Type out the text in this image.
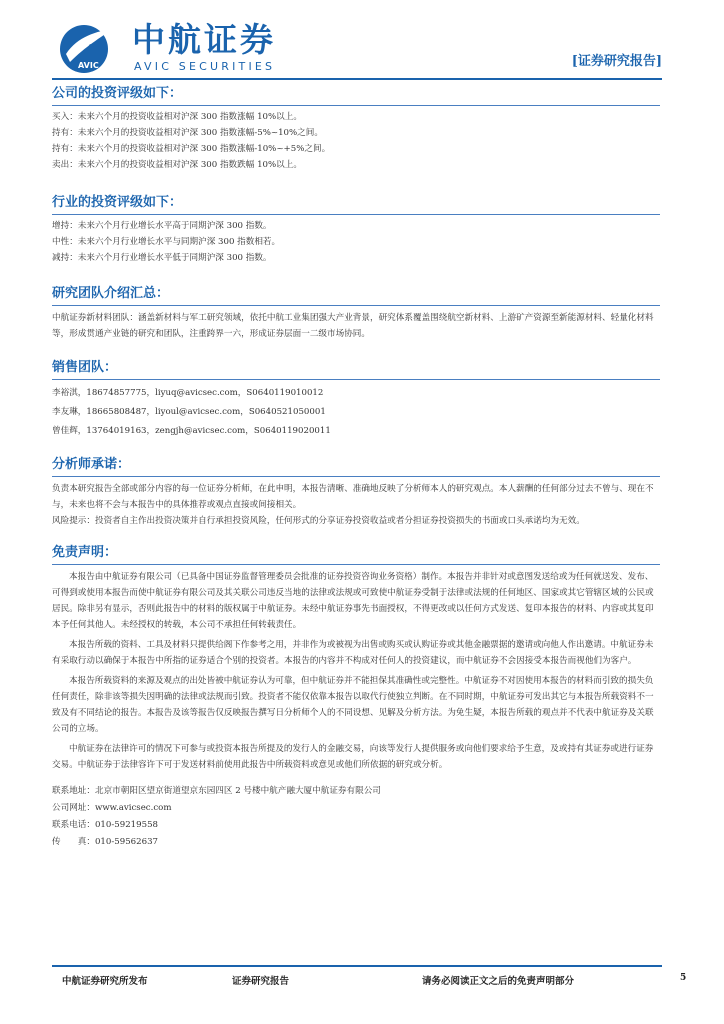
AVIC
中航证券
AVIC SECURITIES	[证券研究报告]
公司的投资评级如下：

买入：未来六个月的投资收益相对沪深 300 指数涨幅 10%以上。

持有：未来六个月的投资收益相对沪深 300 指数涨幅-5%~10%之间。

持有：未来六个月的投资收益相对沪深 300 指数涨幅-10%~+5%之间。

卖出：未来六个月的投资收益相对沪深 300 指数跌幅 10%以上。

行业的投资评级如下：

增持：未来六个月行业增长水平高于同期沪深 300 指数。

中性：未来六个月行业增长水平与同期沪深 300 指数相若。

减持：未来六个月行业增长水平低于同期沪深 300 指数。

研究团队介绍汇总：

中航证券新材料团队：涵盖新材料与军工研究领域，依托中航工业集团强大产业背景，研究体系覆盖围绕航空新材料、上游矿产资源至新能源材料、轻量化材料等，形成贯通产业链的研究和团队，注重跨界一六，形成证券层面一二级市场协同。

销售团队：

李裕淇，18674857775，liyuq@avicsec.com，S0640119010012

李友琳，18665808487，liyoul@avicsec.com，S0640521050001

曾佳辉，13764019163，zengjh@avicsec.com，S0640119020011

分析师承诺：

负责本研究报告全部或部分内容的每一位证券分析师，在此申明，本报告清晰、准确地反映了分析师本人的研究观点。本人薪酬的任何部分过去不曾与、现在不与，未来也将不会与本报告中的具体推荐或观点直接或间接相关。

风险提示：投资者自主作出投资决策并自行承担投资风险，任何形式的分享证券投资收益或者分担证券投资损失的书面或口头承诺均为无效。

免责声明：

本报告由中航证券有限公司（已具备中国证券监督管理委员会批准的证券投资咨询业务资格）制作。本报告并非针对或意图发送给或为任何就送发、发布、可得到或使用本报告而使中航证券有限公司及其关联公司违反当地的法律或法规或可致使中航证券受制于法律或法规的任何地区、国家或其它管辖区域的公民或居民。除非另有显示，否则此报告中的材料的版权属于中航证券。未经中航证券事先书面授权，不得更改或以任何方式发送、复印本报告的材料、内容或其复印本予任何其他人。未经授权的转载，本公司不承担任何转载责任。

本报告所载的资料、工具及材料只提供给阁下作参考之用，并非作为或被视为出售或购买或认购证券或其他金融票据的邀请或向他人作出邀请。中航证券未有采取行动以确保于本报告中所指的证券适合个别的投资者。本报告的内容并不构成对任何人的投资建议，而中航证券不会因接受本报告而视他们为客户。

本报告所载资料的来源及观点的出处皆被中航证券认为可靠，但中航证券并不能担保其准确性或完整性。中航证券不对因使用本报告的材料而引致的损失负任何责任，除非该等损失因明确的法律或法规而引致。投资者不能仅依靠本报告以取代行使独立判断。在不同时期，中航证券可发出其它与本报告所载资料不一致及有不同结论的报告。本报告及该等报告仅反映报告撰写日分析师个人的不同设想、见解及分析方法。为免生疑，本报告所载的观点并不代表中航证券及关联公司的立场。

中航证券在法律许可的情况下可参与或投资本报告所提及的发行人的金融交易，向该等发行人提供服务或向他们要求给予生意，及或持有其证券或进行证券交易。中航证券于法律容许下可于发送材料前使用此报告中所载资料或意见或他们所依据的研究或分析。

联系地址：北京市朝阳区望京街道望京东园四区 2 号楼中航产融大厦中航证券有限公司

公司网址：www.avicsec.com

联系电话：010-59219558

传　　真：010-59562637

中航证券研究所发布	证券研究报告	请务必阅读正文之后的免责声明部分	5
